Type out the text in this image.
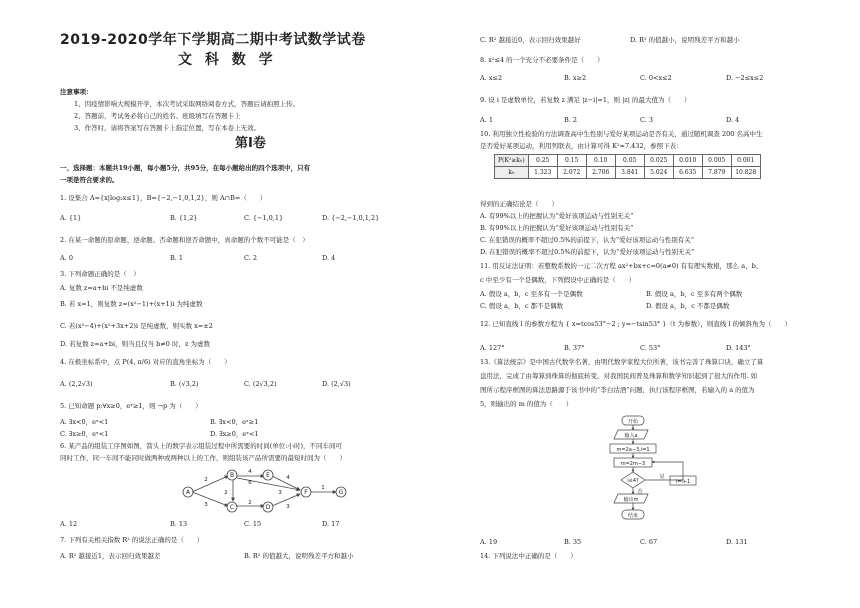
2019-2020学年下学期高二期中考试数学试卷
文 科 数 学
注意事项：
1、因疫情影响大规模开学，本次考试采取网络阅卷方式，答题后请拍照上传。
2、答题前，考试务必将自己的姓名、班级填写在答题卡上
3、作答时，请将答案写在答题卡上指定位置，写在本卷上无效。
第Ⅰ卷
一、选择题：本题共19小题，每小题5分，共95分，在每小题给出的四个选项中，只有
一项是符合要求的。
1. 设集合 A={x|log₂x≤1}，B={−2,−1,0,1,2}，则 A∩B=（　　）
A. {1}	B. {1,2}	C. {−1,0,1}	D. {−2,−1,0,1,2}
2. 在某一命题的原命题、逆命题、否命题和逆否命题中，真命题的个数不可能是（　）
A. 0	B. 1	C. 2	D. 4
3. 下列命题正确的是（　）
A. 复数 z=a+bi 不是纯虚数
B. 若 x=1，则复数 z=(x²−1)+(x+1)i 为纯虚数
C. 若(x²−4)+(x²+3x+2)i 是纯虚数，则实数 x=±2
D. 若复数 z=a+bi，则当且仅当 b≠0 时，z 为虚数
4. 在极坐标系中，点 P(4, π/6) 对应的直角坐标为（　　）
A. (2,2√3)	B. (√3,2)	C. (2√3,2)	D. (2,√3)
5. 已知命题 p:∀x≥0，eˣ≥1，则 ¬p 为（　　）
A. ∃x<0，eˣ<1	B. ∃x<0，eˣ≥1
C. ∃x≥0，eˣ<1	D. ∃x≥0，eˣ<1
6. 某产品的组装工序图如图，箭头上的数字表示组装过程中所需要的时间(单位:小时)，不同车间可
同时工作，同一车间不能同时做两种或两种以上的工作，则组装该产品所需要的最短时间为（　　）
A
B	E
C	D
F	G
2
3
4
6
2
2
4
3
1
3
A. 12	B. 13	C. 15	D. 17
7. 下列有关相关指数 R² 的说法正确的是（　　）
A. R² 越接近1，表示回归效果越差	B. R² 的值越大，说明残差平方和越小
C. R² 越接近0，表示回归效果越好	D. R² 的值越小，说明残差平方和越小
8. x²≤4 的一个充分不必要条件是（　　）
A. x≤2	B. x≥2	C. 0<x≤2	D. −2≤x≤2
9. 设 i 是虚数单位，若复数 z 满足 |z−i|=1，则 |z| 的最大值为（　　）
A. 1	B. 2	C. 3	D. 4
10. 利用独立性检验的方法调查高中生性别与爱好某项运动是否有关，通过随机调查 200 名高中生
是否爱好某项运动，利用列联表，由计算可得 K²≈7.432，参照下表：
P(K²≥k₀)	0.25	0.15	0.10	0.05	0.025	0.010	0.005	0.001
k₀	1.323	2.072	2.706	3.841	5.024	6.635	7.879	10.828
得到的正确结论是（　　）
A. 有99%以上的把握认为“爱好该项运动与性别无关”
B. 有99%以上的把握认为“爱好该项运动与性别有关”
C. 在犯错误的概率不超过0.5%的前提下，认为“爱好该项运动与性别有关”
D. 在犯错误的概率不超过0.5%的前提下，认为“爱好该项运动与性别无关”
11. 用反证法证明：若整数系数的一元二次方程 ax²+bx+c=0(a≠0) 有有理实数根，那么 a、b、
c 中至少有一个是偶数，下列假设中正确的是（　　）
A. 假设 a，b，c 至多有一个是偶数	B. 假设 a，b，c 至多有两个偶数
C. 假设 a，b，c 都不是偶数	D. 假设 a，b，c 不都是偶数
12. 已知直线 l 的参数方程为 { x=tcos53°−2 ; y=−tsin53° }（t 为参数），则直线 l 的倾斜角为（　　）
A. 127°	B. 37°	C. 53°	D. 143°
13.《算法统宗》是中国古代数学名著，由明代数学家程大位所著，该书完善了珠算口诀，确立了算
盘用法，完成了由筹算到珠算的彻底转变，对我国民间普及珠算和数学知识起到了很大的作用. 如
图所示程序框图的算法思路源于该书中的“李白沽酒”问题，执行该程序框图，若输入的 a 的值为
5，则输出的 m 的值为（　　）
开始
输入a
m=2a−3,i=1
m=2m−3
i≤4?
输出m
结束
i=i+1
否
是
A. 19	B. 35	C. 67	D. 131
14. 下列说法中正确的是（　　）
